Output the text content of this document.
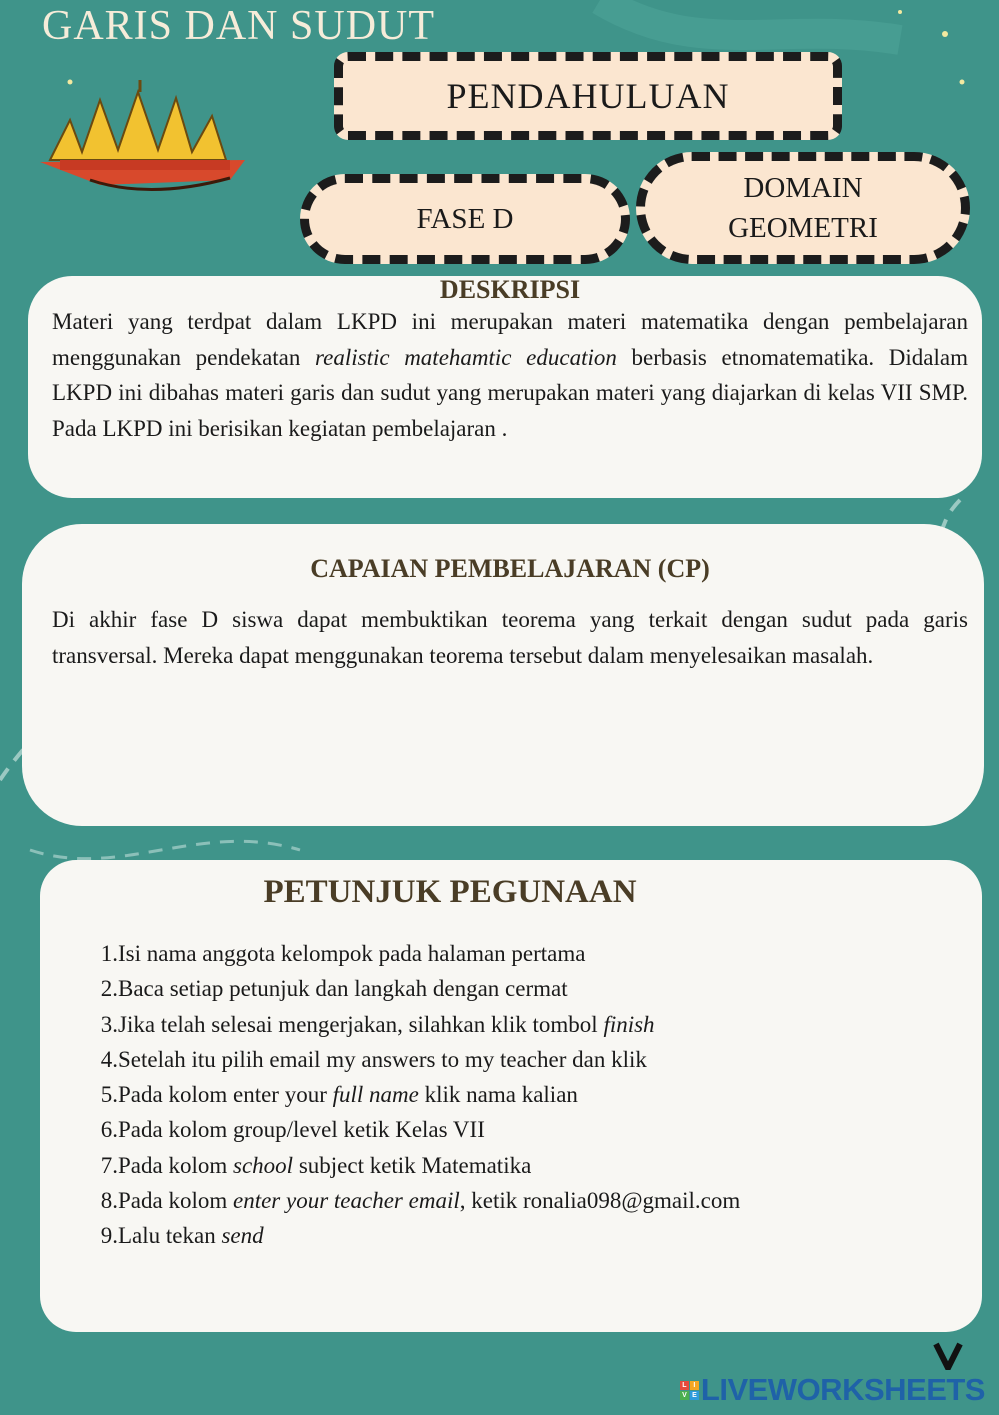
GARIS DAN SUDUT
PENDAHULUAN
FASE D
DOMAIN
GEOMETRI
DESKRIPSI

Materi yang terdpat dalam LKPD ini merupakan materi matematika dengan pembelajaran menggunakan pendekatan realistic matehamtic education berbasis etnomatematika. Didalam LKPD ini dibahas materi garis dan sudut yang merupakan materi yang diajarkan di kelas VII SMP. Pada LKPD ini berisikan kegiatan pembelajaran .

CAPAIAN PEMBELAJARAN (CP)

Di akhir fase D siswa dapat membuktikan teorema yang terkait dengan sudut pada garis transversal. Mereka dapat menggunakan teorema tersebut dalam menyelesaikan masalah.

PETUNJUK PEGUNAAN
1.Isi nama anggota kelompok pada halaman pertama
2.Baca setiap petunjuk dan langkah dengan cermat
3.Jika telah selesai mengerjakan, silahkan klik tombol finish
4.Setelah itu pilih email my answers to my teacher dan klik
5.Pada kolom enter your full name klik nama kalian
6.Pada kolom group/level ketik Kelas VII
7.Pada kolom school subject ketik Matematika
8.Pada kolom enter your teacher email, ketik ronalia098@gmail.com
9.Lalu tekan send
L I
V E LIVEWORKSHEETS
